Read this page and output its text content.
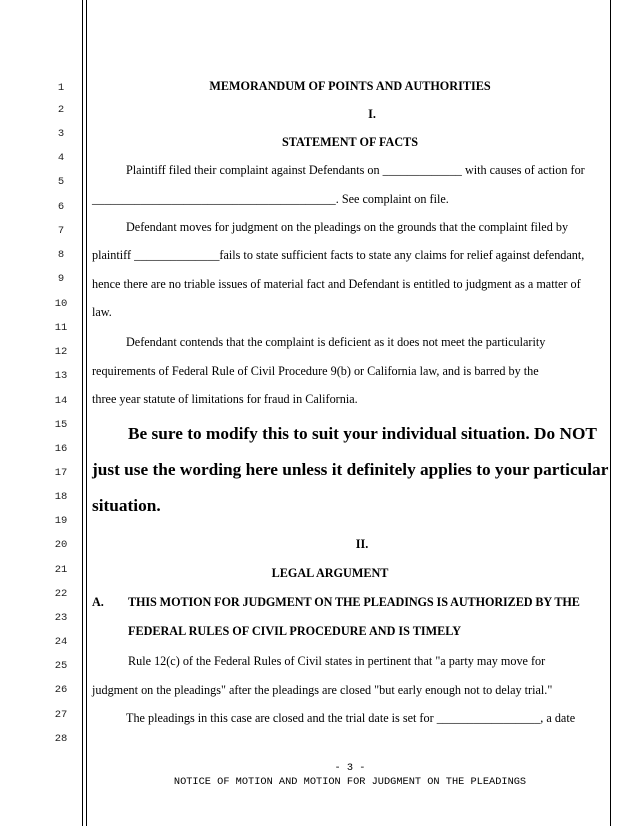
1
2
3
4
5
6
7
8
9
10
11
12
13
14
15
16
17
18
19
20
21
22
23
24
25
26
27
28
MEMORANDUM OF POINTS AND AUTHORITIES
I.
STATEMENT OF FACTS
Plaintiff filed their complaint against Defendants on _____________ with causes of action for
________________________________________. See complaint on file.
Defendant moves for judgment on the pleadings on the grounds that the complaint filed by
plaintiff ______________fails to state sufficient facts to state any claims for relief against defendant,
hence there are no triable issues of material fact and Defendant is entitled to judgment as a matter of
law.
Defendant contends that the complaint is deficient as it does not meet the particularity
requirements of Federal Rule of Civil Procedure 9(b) or California law, and is barred by the
three year statute of limitations for fraud in California.
Be sure to modify this to suit your individual situation. Do NOT
just use the wording here unless it definitely applies to your particular
situation.
II.
LEGAL ARGUMENT
A. THIS MOTION FOR JUDGMENT ON THE PLEADINGS IS AUTHORIZED BY THE
FEDERAL RULES OF CIVIL PROCEDURE AND IS TIMELY
Rule 12(c) of the Federal Rules of Civil states in pertinent that "a party may move for
judgment on the pleadings" after the pleadings are closed "but early enough not to delay trial."
The pleadings in this case are closed and the trial date is set for _________________, a date
- 3 -
NOTICE OF MOTION AND MOTION FOR JUDGMENT ON THE PLEADINGS
